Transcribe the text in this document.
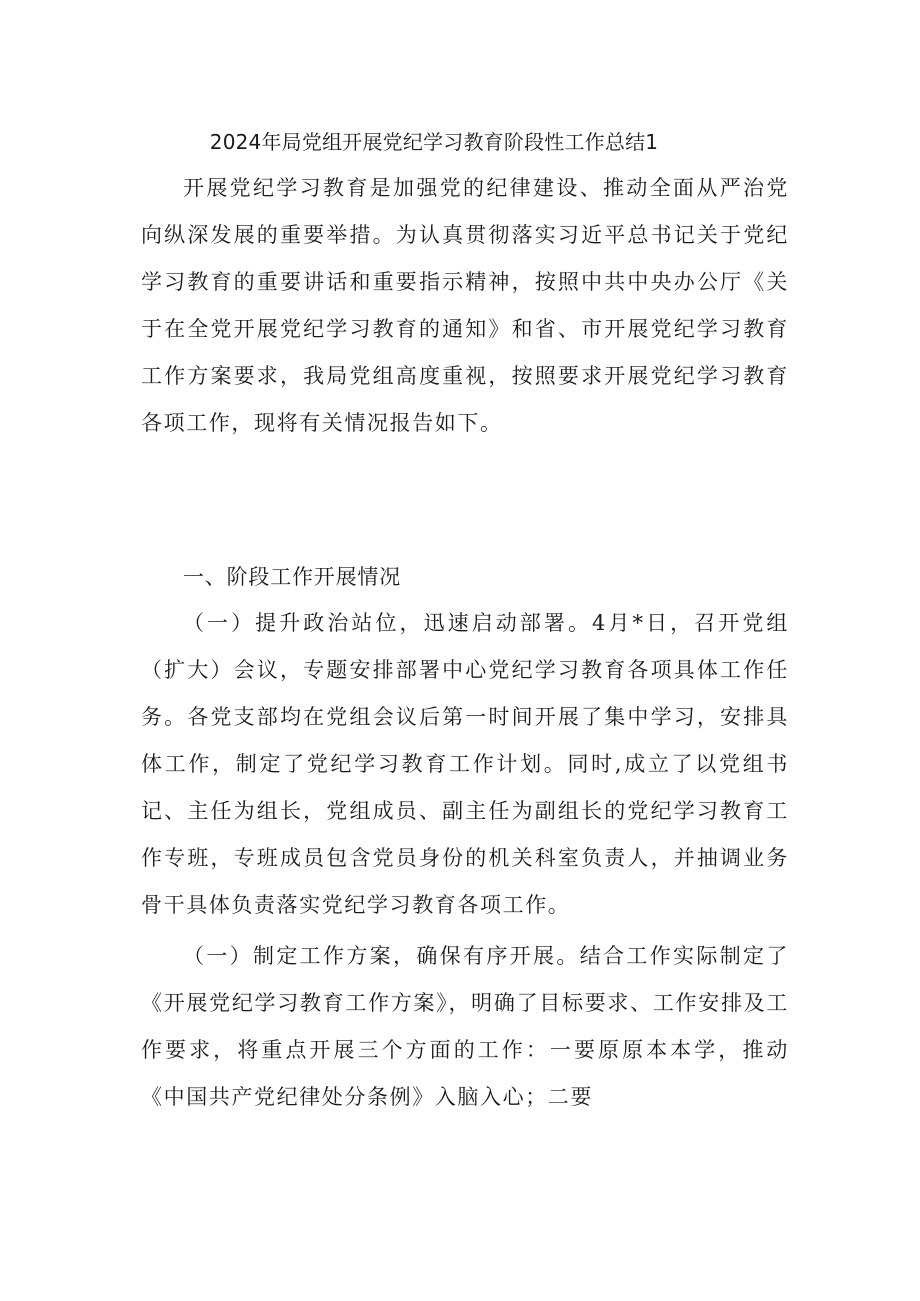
2024年局党组开展党纪学习教育阶段性工作总结1

开展党纪学习教育是加强党的纪律建设、推动全面从严治党向纵深发展的重要举措。为认真贯彻落实习近平总书记关于党纪学习教育的重要讲话和重要指示精神，按照中共中央办公厅《关于在全党开展党纪学习教育的通知》和省、市开展党纪学习教育工作方案要求，我局党组高度重视，按照要求开展党纪学习教育各项工作，现将有关情况报告如下。

一、阶段工作开展情况

（一）提升政治站位，迅速启动部署。4月*日，召开党组（扩大）会议，专题安排部署中心党纪学习教育各项具体工作任务。各党支部均在党组会议后第一时间开展了集中学习，安排具体工作，制定了党纪学习教育工作计划。同时,成立了以党组书记、主任为组长，党组成员、副主任为副组长的党纪学习教育工作专班，专班成员包含党员身份的机关科室负责人，并抽调业务骨干具体负责落实党纪学习教育各项工作。

（一）制定工作方案，确保有序开展。结合工作实际制定了《开展党纪学习教育工作方案》，明确了目标要求、工作安排及工作要求，将重点开展三个方面的工作：一要原原本本学，推动《中国共产党纪律处分条例》入脑入心；二要
